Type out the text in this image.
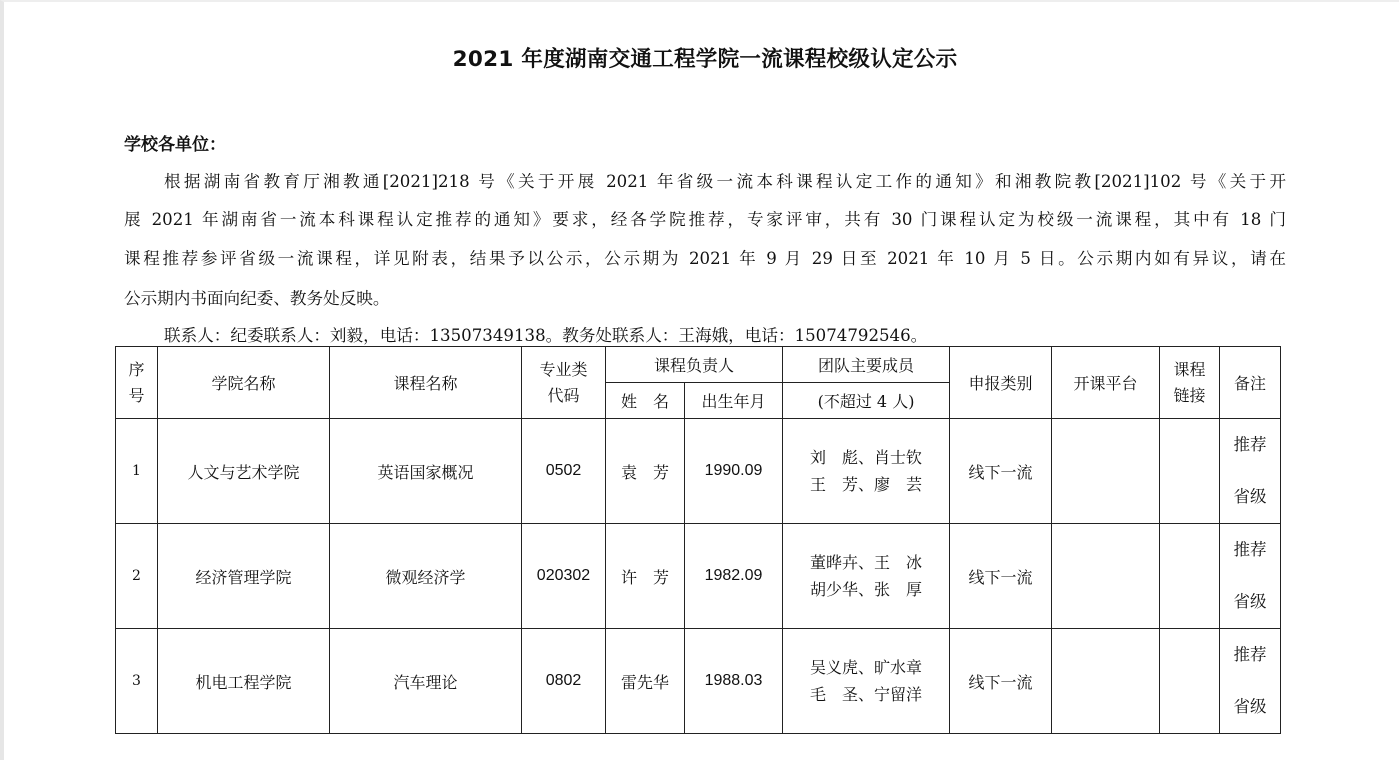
2021 年度湖南交通工程学院一流课程校级认定公示
学校各单位：
根据湖南省教育厅湘教通[2021]218 号《关于开展 2021 年省级一流本科课程认定工作的通知》和湘教院教[2021]102 号《关于开
展 2021 年湖南省一流本科课程认定推荐的通知》要求，经各学院推荐，专家评审，共有 30 门课程认定为校级一流课程，其中有 18 门
课程推荐参评省级一流课程，详见附表，结果予以公示，公示期为 2021 年 9 月 29 日至 2021 年 10 月 5 日。公示期内如有异议，请在
公示期内书面向纪委、教务处反映。
联系人：纪委联系人：刘毅，电话：13507349138。教务处联系人：王海娥，电话：15074792546。
序号	学院名称	课程名称	专业类代码	课程负责人		团队主要成员	申报类别	开课平台	课程链接	备注
				姓　名	出生年月	(不超过 4 人)				
1	人文与艺术学院	英语国家概况	0502	袁　芳	1990.09	刘　彪、肖士钦
王　芳、廖　芸	线下一流			推荐
省级

2	经济管理学院	微观经济学	020302	许　芳	1982.09	董晔卉、王　冰
胡少华、张　厚	线下一流			推荐
省级

3	机电工程学院	汽车理论	0802	雷先华	1988.03	吴义虎、旷水章
毛　圣、宁留洋	线下一流			推荐
省级
